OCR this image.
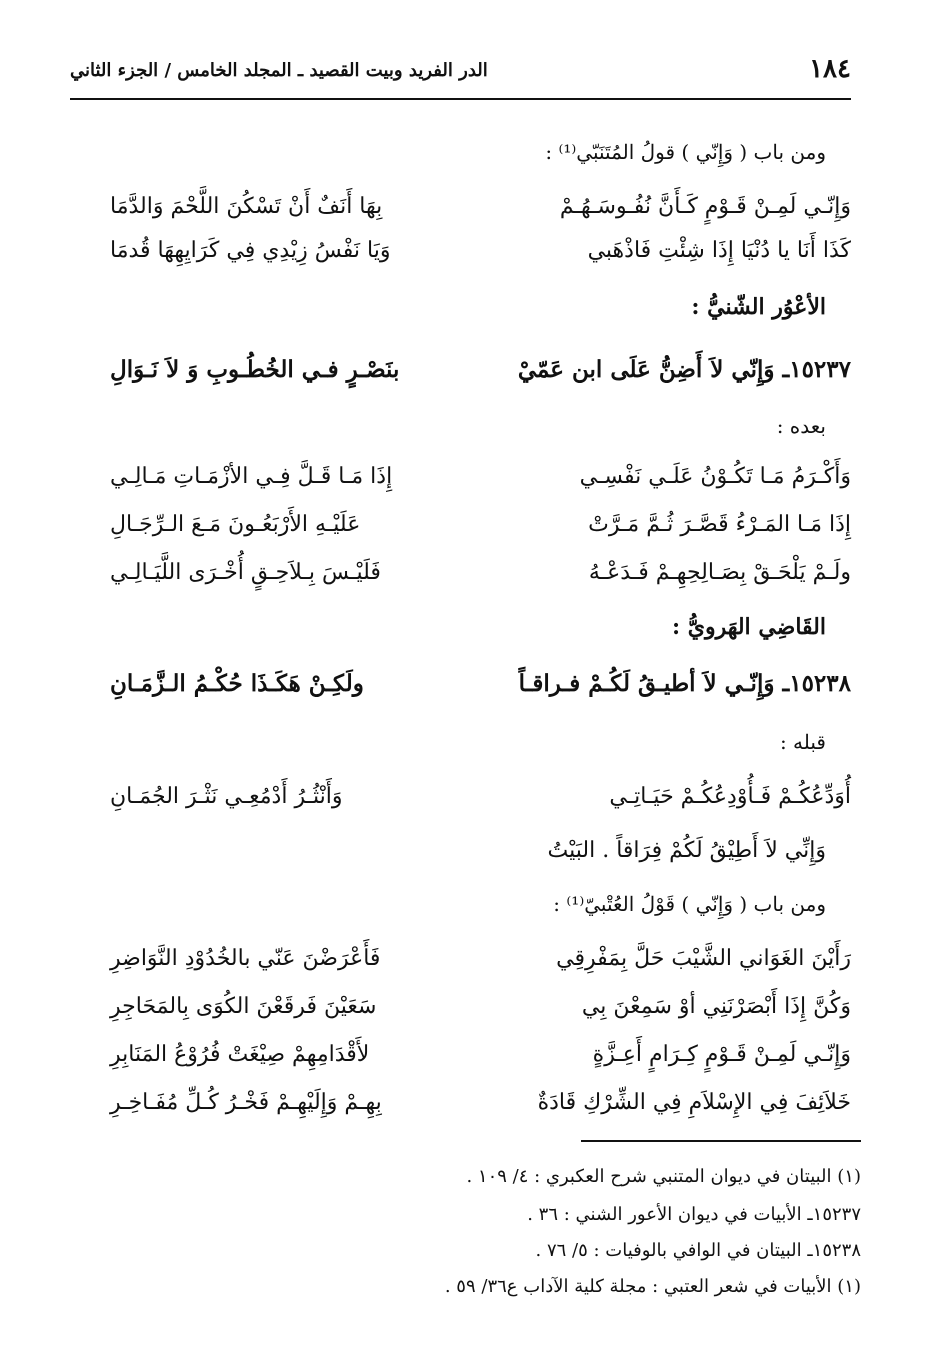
١٨٤
الدر الفريد وبيت القصيد ـ المجلد الخامس / الجزء الثاني
ومن باب ( وَإِنّي ) قولُ المُتَنَبّي⁽¹⁾ :
وَإِنّـي لَمِـنْ قَـوْمٍ كَـأَنَّ نُفُـوسَـهُـمْ
بِهَا أَنَفٌ أَنْ تَسْكُنَ اللَّحْمَ وَالدَّمَا
كَذَا أَنَا يا دُنْيَا إِذَا شِئْتِ فَاذْهَبي
وَيَا نَفْسُ زِيْدِي فِي كَرَايِهِهَا قُدمَا
الأعْوُر الشّنيُّ :
١٥٢٣٧ـ وَإِنّي لاَ أَضِنُّ عَلَى ابن عَمّيْ
بنَصْـرٍ فـي الخُطُـوبِ وَ لاَ نَـوَالِ
بعده :
وَأَكْـرَمُ مَـا تَكُـوْنُ عَلَـي نَفْسِـي
إِذَا مَـا قَـلَّ فِـي الأزْمَـاتِ مَـالِـي
إِذَا مَـا المَـرْءُ قَصَّـرَ ثُـمَّ مَـرَّتْ
عَلَيْـهِ الأَرْبَعُـونَ مَـعَ الـرِّجَـالِ
ولَـمْ يَلْحَـقْ بِصَـالِحِهِـمْ فَـدَعْـهُ
فَلَيْـسَ بِـلاَحِـقٍ أُخْـرَى اللَّيَـالِـي
القَاضِي الهَرويُّ :
١٥٢٣٨ـ وَإِنّـي لاَ أطيـقُ لَكُـمْ فـراقـاً
ولَكِـنْ هَكَـذَا حُكْـمُ الـزَّمَـانِ
قبله :
أُوَدِّعُكُـمْ فَـأُوْدِعُكُـمْ حَيَـاتِـي
وَأَنْثُـرُ أَدْمُعِـي نَثْـرَ الجُمَـانِ
وَإِنِّي لاَ أَطِيْقُ لَكُمْ فِرَاقاً . البَيْتُ
ومن باب ( وَإِنّي ) قَوْلُ العُتْبيّ⁽¹⁾ :
رَأَيْنَ الغَوَاني الشَّيْبَ حَلَّ بِمَفْرِقِي
فَأَعْرَضْنَ عَنّي بالخُدُوْدِ النَّوَاضِرِ
وَكُنَّ إِذَا أَبْصَرْنَنِي أوْ سَمِعْنَ بِي
سَعَيْنَ فَرقَعْنَ الكُوَى بِالمَحَاجِرِ
وَإِنّـي لَمِـنْ قَـوْمٍ كِـرَامٍ أَعِـزَّةٍ
لأَقْدَامِهِمْ صِيْغَتْ فُرُوْعُ المَنَابِرِ
خَلاَئِفَ فِي الإِسْلاَمِ فِي الشِّرْكِ قَادَةٌ
بِهِـمْ وَإِلَيْهِـمْ فَخْـرُ كُـلِّ مُفَـاخِـرِ
(١) البيتان في ديوان المتنبي شرح العكبري : ٤/ ١٠٩ .
١٥٢٣٧ـ الأبيات في ديوان الأعور الشني : ٣٦ .
١٥٢٣٨ـ البيتان في الوافي بالوفيات : ٥/ ٧٦ .
(١) الأبيات في شعر العتبي : مجلة كلية الآداب ع٣٦/ ٥٩ .
